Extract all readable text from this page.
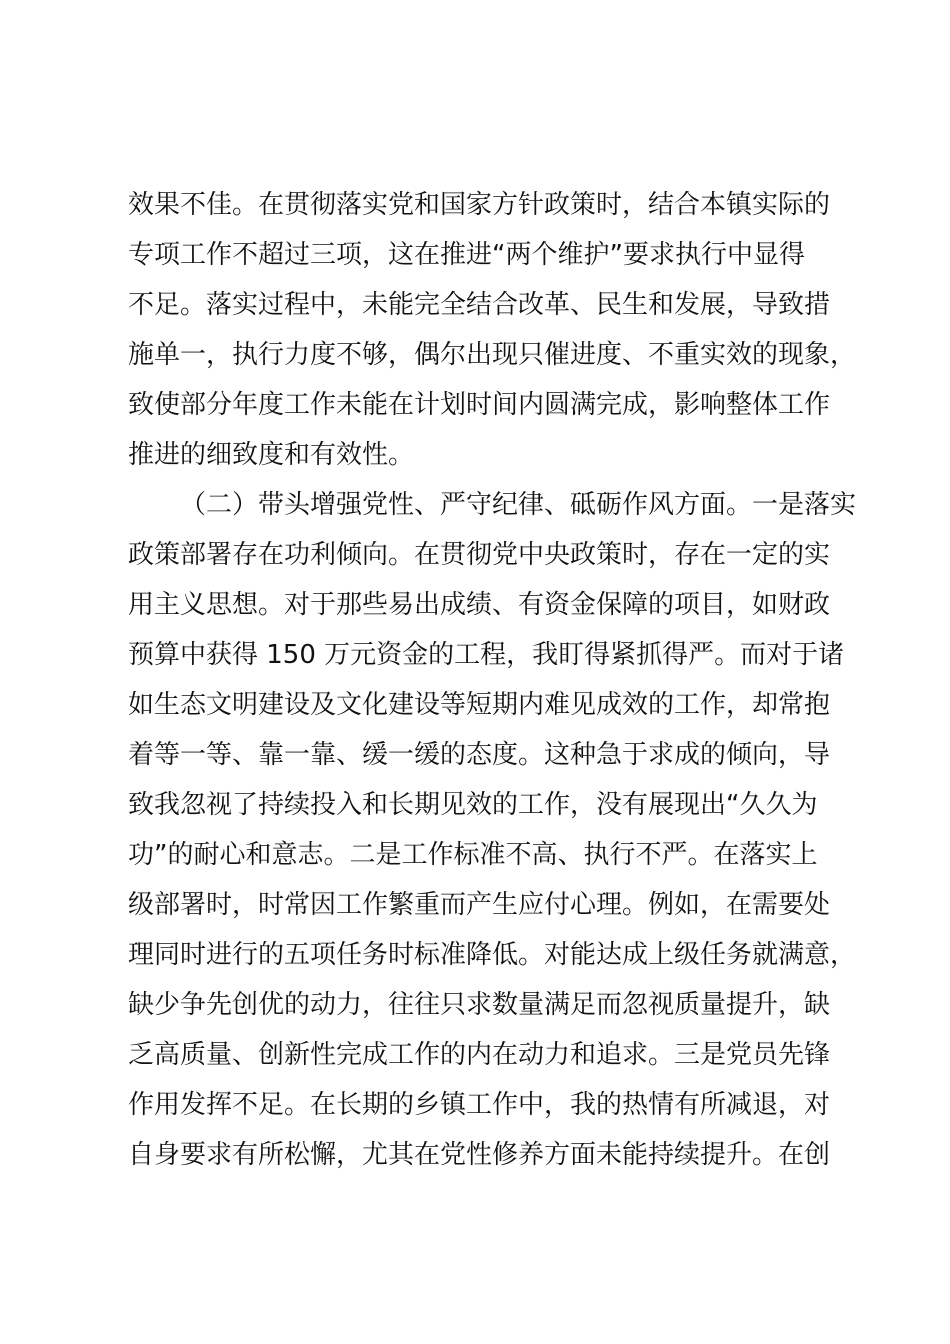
效果不佳。在贯彻落实党和国家方针政策时，结合本镇实际的
专项工作不超过三项，这在推进“两个维护”要求执行中显得
不足。落实过程中，未能完全结合改革、民生和发展，导致措
施单一，执行力度不够，偶尔出现只催进度、不重实效的现象，
致使部分年度工作未能在计划时间内圆满完成，影响整体工作
推进的细致度和有效性。
（二）带头增强党性、严守纪律、砥砺作风方面。一是落实
政策部署存在功利倾向。在贯彻党中央政策时，存在一定的实
用主义思想。对于那些易出成绩、有资金保障的项目，如财政
预算中获得 150 万元资金的工程，我盯得紧抓得严。而对于诸
如生态文明建设及文化建设等短期内难见成效的工作，却常抱
着等一等、靠一靠、缓一缓的态度。这种急于求成的倾向，导
致我忽视了持续投入和长期见效的工作，没有展现出“久久为
功”的耐心和意志。二是工作标准不高、执行不严。在落实上
级部署时，时常因工作繁重而产生应付心理。例如，在需要处
理同时进行的五项任务时标准降低。对能达成上级任务就满意，
缺少争先创优的动力，往往只求数量满足而忽视质量提升，缺
乏高质量、创新性完成工作的内在动力和追求。三是党员先锋
作用发挥不足。在长期的乡镇工作中，我的热情有所减退，对
自身要求有所松懈，尤其在党性修养方面未能持续提升。在创
